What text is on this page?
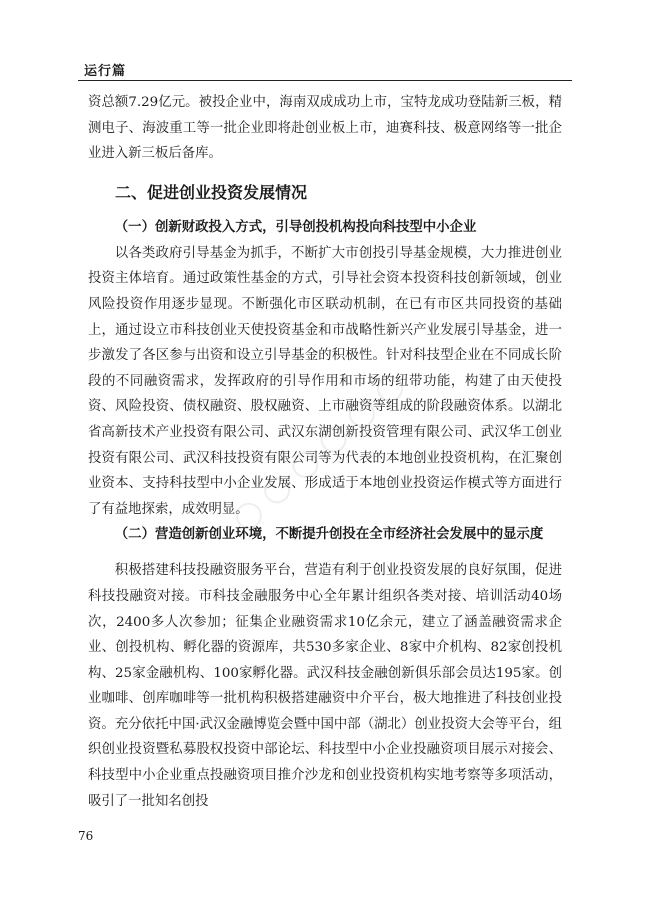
运行篇

资总额7.29亿元。被投企业中，海南双成成功上市，宝特龙成功登陆新三板，精测电子、海波重工等一批企业即将赴创业板上市，迪赛科技、极意网络等一批企业进入新三板后备库。

二、促进创业投资发展情况
（一）创新财政投入方式，引导创投机构投向科技型中小企业

以各类政府引导基金为抓手，不断扩大市创投引导基金规模，大力推进创业投资主体培育。通过政策性基金的方式，引导社会资本投资科技创新领域，创业风险投资作用逐步显现。不断强化市区联动机制，在已有市区共同投资的基础上，通过设立市科技创业天使投资基金和市战略性新兴产业发展引导基金，进一步激发了各区参与出资和设立引导基金的积极性。针对科技型企业在不同成长阶段的不同融资需求，发挥政府的引导作用和市场的纽带功能，构建了由天使投资、风险投资、债权融资、股权融资、上市融资等组成的阶段融资体系。以湖北省高新技术产业投资有限公司、武汉东湖创新投资管理有限公司、武汉华工创业投资有限公司、武汉科技投资有限公司等为代表的本地创业投资机构，在汇聚创业资本、支持科技型中小企业发展、形成适于本地创业投资运作模式等方面进行了有益地探索，成效明显。

（二）营造创新创业环境，不断提升创投在全市经济社会发展中的显示度

积极搭建科技投融资服务平台，营造有利于创业投资发展的良好氛围，促进科技投融资对接。市科技金融服务中心全年累计组织各类对接、培训活动40场次，2400多人次参加；征集企业融资需求10亿余元，建立了涵盖融资需求企业、创投机构、孵化器的资源库，共530多家企业、8家中介机构、82家创投机构、25家金融机构、100家孵化器。武汉科技金融创新俱乐部会员达195家。创业咖啡、创库咖啡等一批机构积极搭建融资中介平台，极大地推进了科技创业投资。充分依托中国·武汉金融博览会暨中国中部（湖北）创业投资大会等平台，组织创业投资暨私募股权投资中部论坛、科技型中小企业投融资项目展示对接会、科技型中小企业重点投融资项目推介沙龙和创业投资机构实地考察等多项活动，吸引了一批知名创投

76
